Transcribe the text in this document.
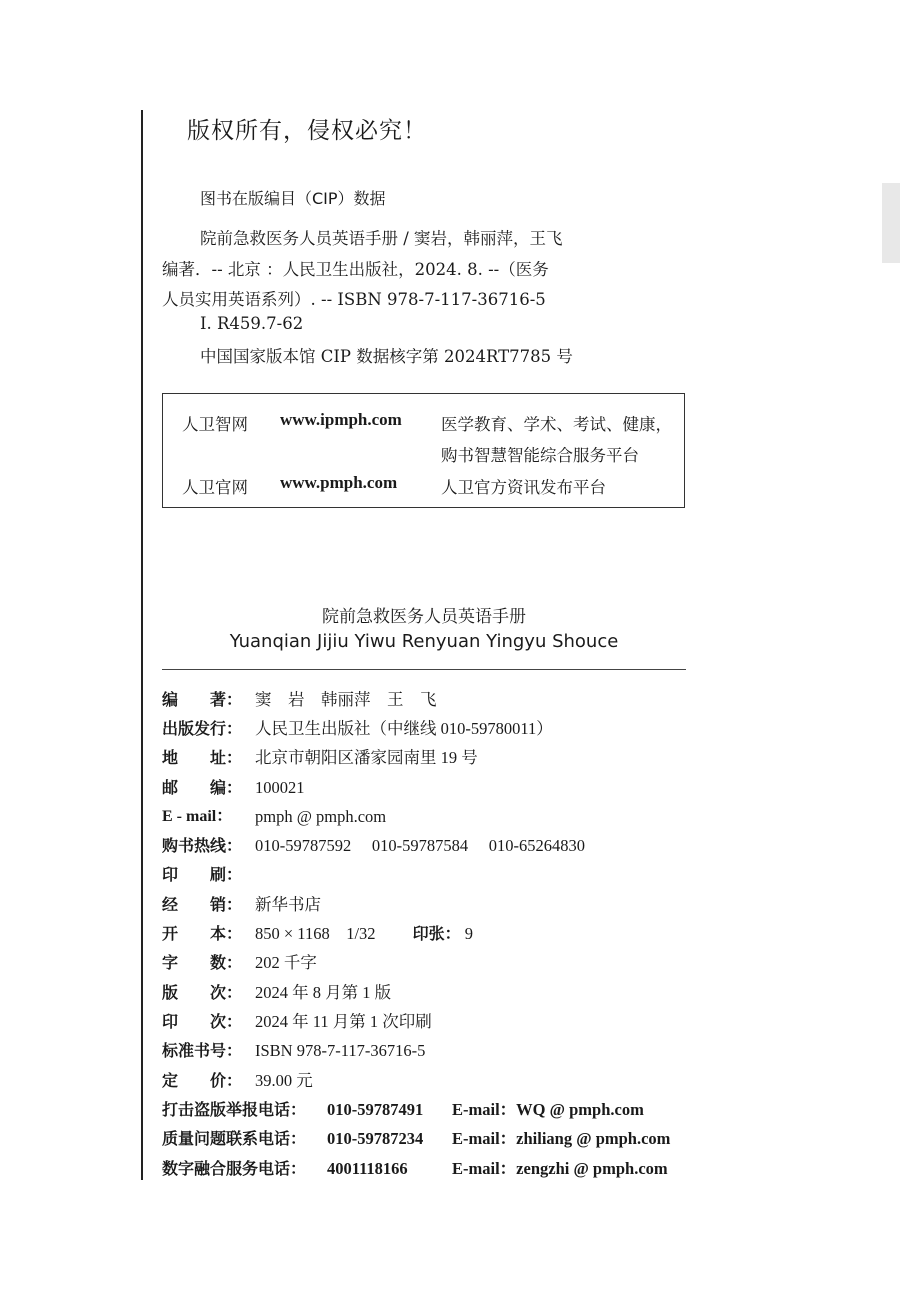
版权所有，侵权必究！
图书在版编目（CIP）数据
院前急救医务人员英语手册 / 窦岩，韩丽萍，王飞
编著．-- 北京 ：人民卫生出版社，2024. 8. --（医务
人员实用英语系列）. -- ISBN 978-7-117-36716-5
Ⅰ. R459.7-62
中国国家版本馆 CIP 数据核字第 2024RT7785 号
人卫智网 www.ipmph.com 医学教育、学术、考试、健康，
购书智慧智能综合服务平台
人卫官网 www.pmph.com	人卫官方资讯发布平台
院前急救医务人员英语手册
Yuanqian Jijiu Yiwu Renyuan Yingyu Shouce
编　　著： 窦　岩　韩丽萍　王　飞
出版发行： 人民卫生出版社（中继线 010-59780011）
地　　址： 北京市朝阳区潘家园南里 19 号
邮　　编： 100021
E - mail： pmph @ pmph.com
购书热线： 010-59787592　 010-59787584　 010-65264830
印　　刷：
经　　销： 新华书店
开　　本： 850 × 1168　1/32　　 印张： 9
字　　数： 202 千字
版　　次： 2024 年 8 月第 1 版
印　　次： 2024 年 11 月第 1 次印刷
标准书号： ISBN 978-7-117-36716-5
定　　价： 39.00 元
打击盗版举报电话： 010-59787491 E-mail：WQ @ pmph.com
质量问题联系电话： 010-59787234 E-mail：zhiliang @ pmph.com
数字融合服务电话： 4001118166	E-mail：zengzhi @ pmph.com
